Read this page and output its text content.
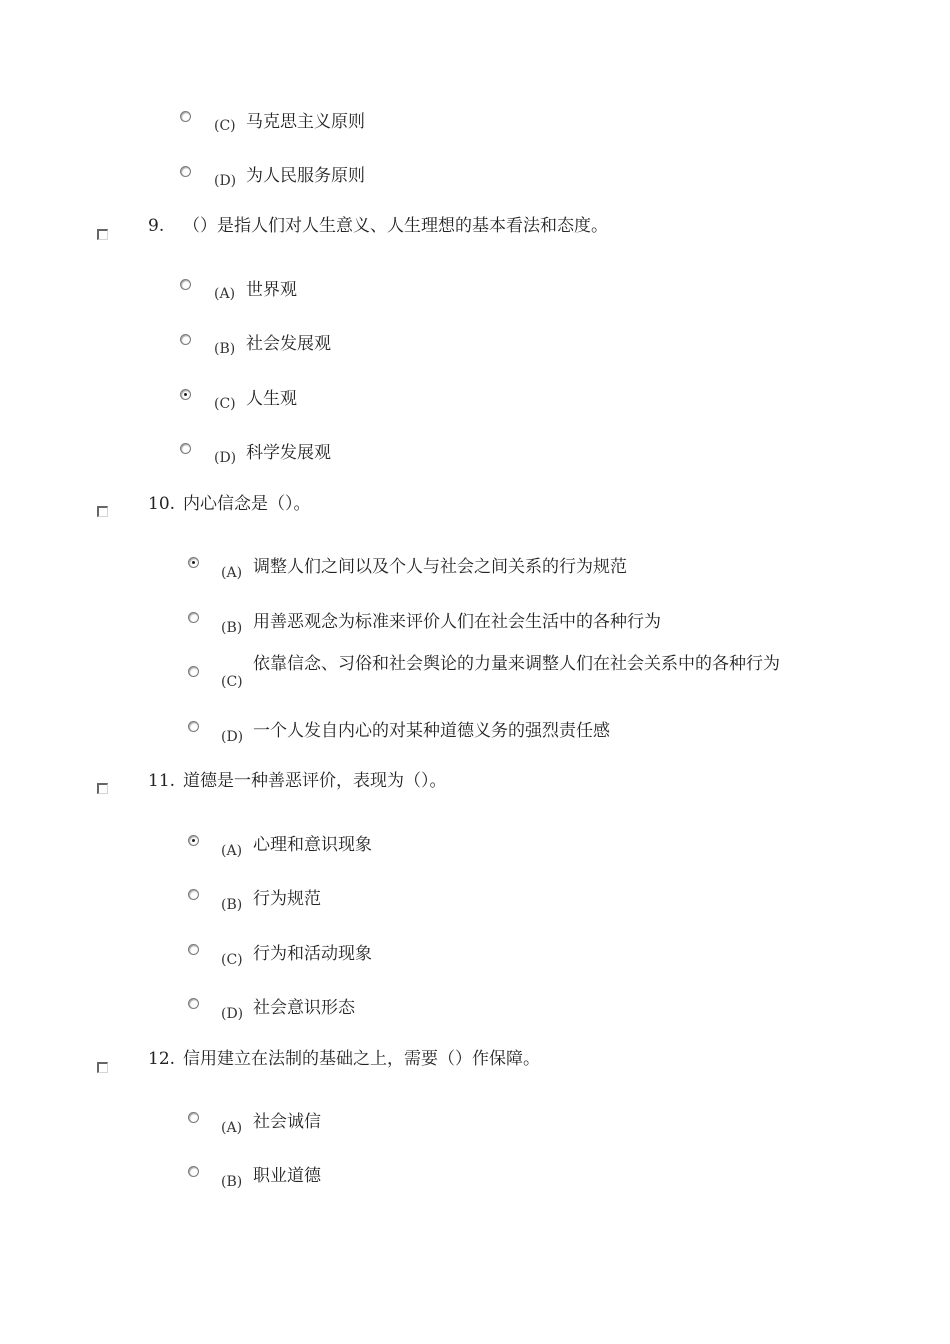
(C) 马克思主义原则
(D) 为人民服务原则
9. （）是指人们对人生意义、人生理想的基本看法和态度。
(A) 世界观
(B) 社会发展观
(C) 人生观
(D) 科学发展观
10. 内心信念是（）。
(A) 调整人们之间以及个人与社会之间关系的行为规范
(B) 用善恶观念为标准来评价人们在社会生活中的各种行为
(C)
依靠信念、习俗和社会舆论的力量来调整人们在社会关系中的各种行为
(D) 一个人发自内心的对某种道德义务的强烈责任感
11. 道德是一种善恶评价，表现为（）。
(A) 心理和意识现象
(B) 行为规范
(C) 行为和活动现象
(D) 社会意识形态
12. 信用建立在法制的基础之上，需要（）作保障。
(A) 社会诚信
(B) 职业道德
